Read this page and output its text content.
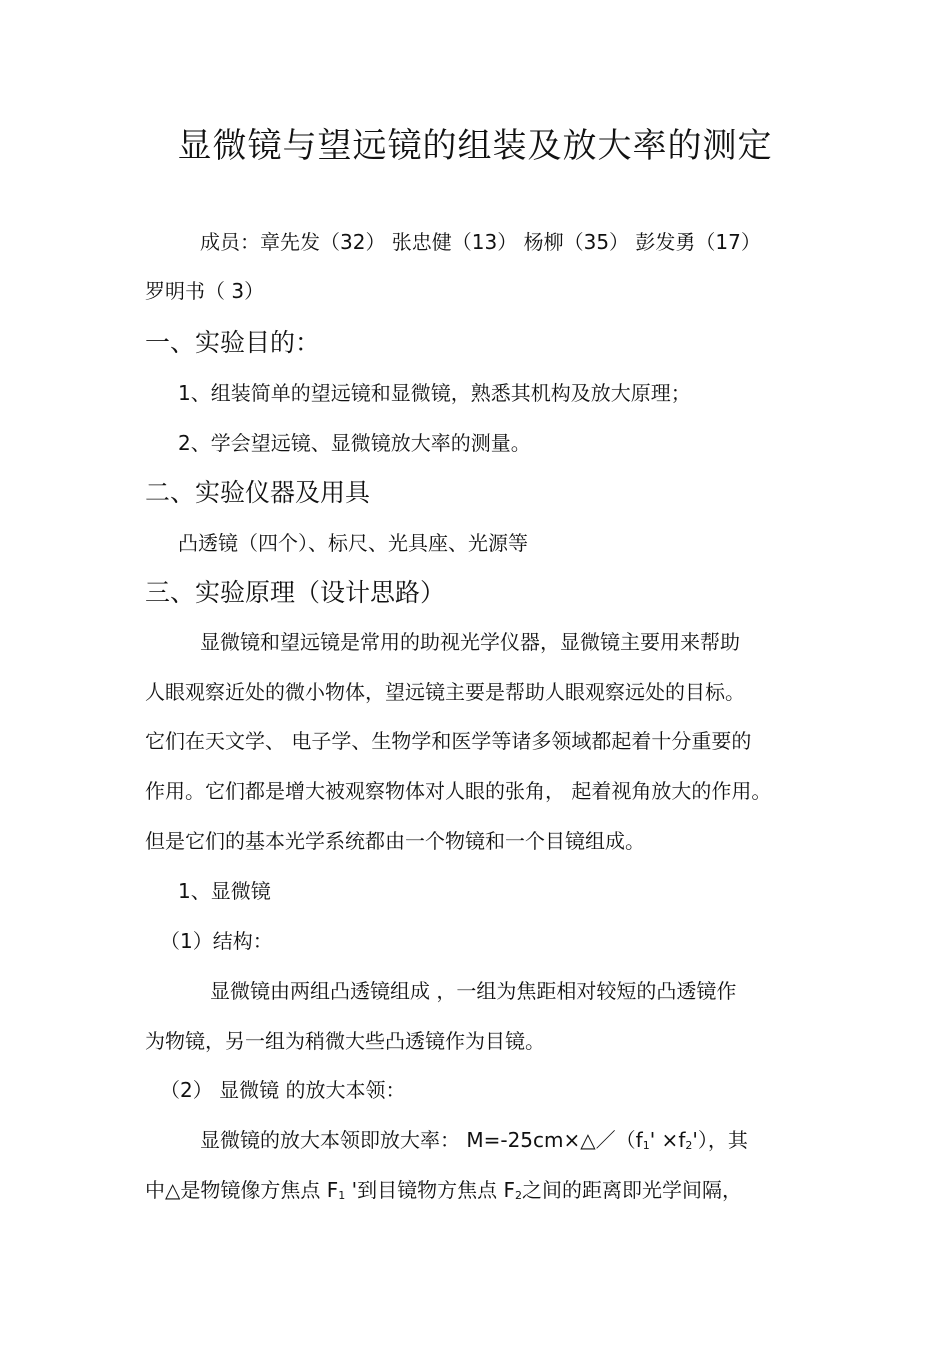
显微镜与望远镜的组装及放大率的测定
成员：章先发（32） 张忠健（13） 杨柳（35） 彭发勇（17）
罗明书（ 3）
一、实验目的：
1、组装简单的望远镜和显微镜，熟悉其机构及放大原理；
2、学会望远镜、显微镜放大率的测量。
二、实验仪器及用具
凸透镜（四个）、标尺、光具座、光源等
三、实验原理（设计思路）
显微镜和望远镜是常用的助视光学仪器，显微镜主要用来帮助
人眼观察近处的微小物体，望远镜主要是帮助人眼观察远处的目标。
它们在天文学、 电子学、生物学和医学等诸多领域都起着十分重要的
作用。它们都是增大被观察物体对人眼的张角， 起着视角放大的作用。
但是它们的基本光学系统都由一个物镜和一个目镜组成。
1、显微镜
（1）结构：
显微镜由两组凸透镜组成 ，一组为焦距相对较短的凸透镜作
为物镜，另一组为稍微大些凸透镜作为目镜。
（2） 显微镜 的放大本领：
显微镜的放大本领即放大率： $M=-25cm\times\triangle/(f_1' \times f_2')$，其
中△是物镜像方焦点 $F_1$ '到目镜物方焦点 $F_2$之间的距离即光学间隔，
